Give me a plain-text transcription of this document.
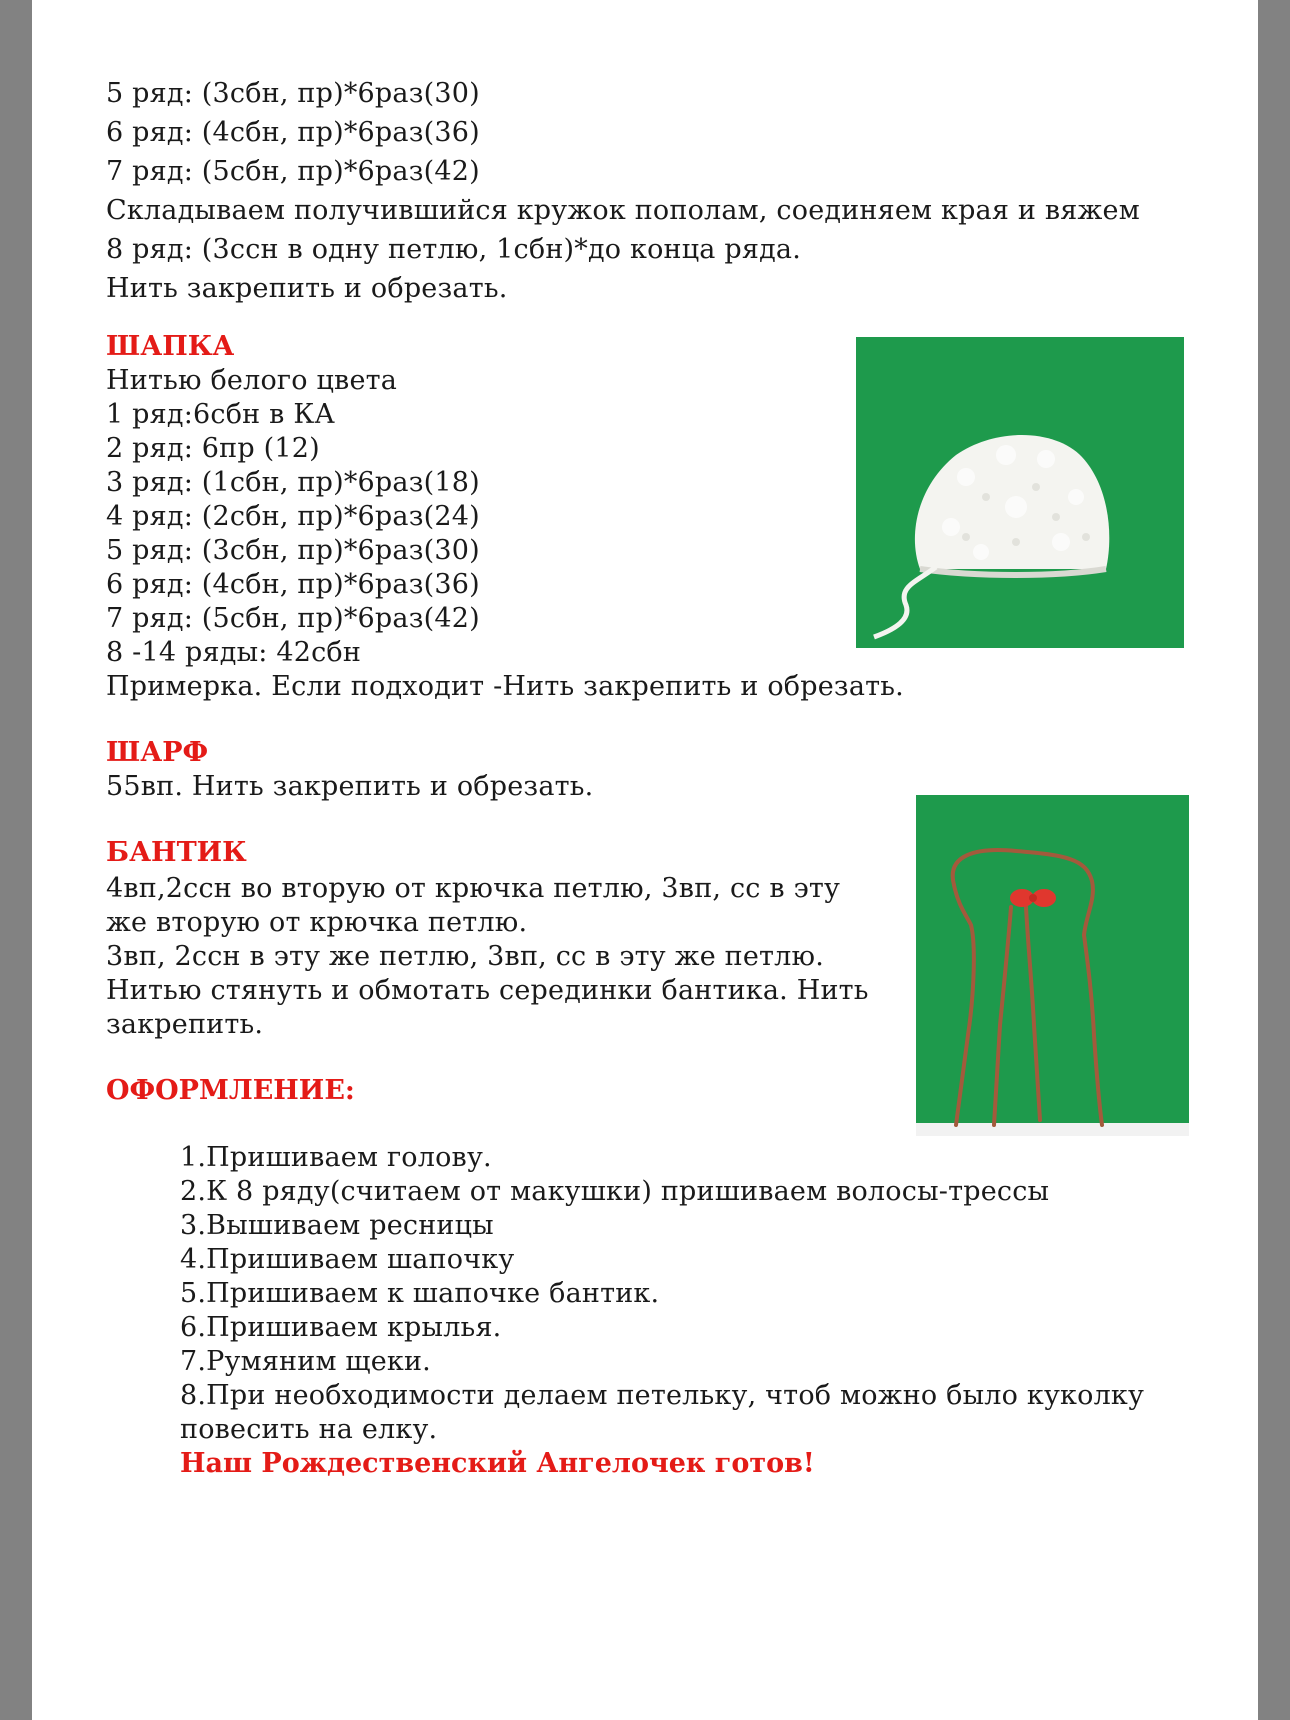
5 ряд: (3сбн, пр)*6раз(30)
6 ряд: (4сбн, пр)*6раз(36)
7 ряд: (5сбн, пр)*6раз(42)
Складываем получившийся кружок пополам, соединяем края и вяжем
8 ряд: (3ссн в одну петлю, 1сбн)*до конца ряда.
Нить закрепить и обрезать.
ШАПКА
Нитью белого цвета
1 ряд:6сбн в КА
2 ряд: 6пр (12)
3 ряд: (1сбн, пр)*6раз(18)
4 ряд: (2сбн, пр)*6раз(24)
5 ряд: (3сбн, пр)*6раз(30)
6 ряд: (4сбн, пр)*6раз(36)
7 ряд: (5сбн, пр)*6раз(42)
8 -14 ряды: 42сбн
Примерка. Если подходит -Нить закрепить и обрезать.
ШАРФ
55вп. Нить закрепить и обрезать.
БАНТИК
4вп,2ссн во вторую от крючка петлю, 3вп, сс в эту
же вторую от крючка петлю.
3вп, 2ссн в эту же петлю, 3вп, сс в эту же петлю.
Нитью стянуть и обмотать серединки бантика. Нить
закрепить.
ОФОРМЛЕНИЕ:
1.Пришиваем голову.
2.К 8 ряду(считаем от макушки) пришиваем волосы-трессы
3.Вышиваем ресницы
4.Пришиваем шапочку
5.Пришиваем к шапочке бантик.
6.Пришиваем крылья.
7.Румяним щеки.
8.При необходимости делаем петельку, чтоб можно было куколку
повесить на елку.
Наш Рождественский Ангелочек готов!
